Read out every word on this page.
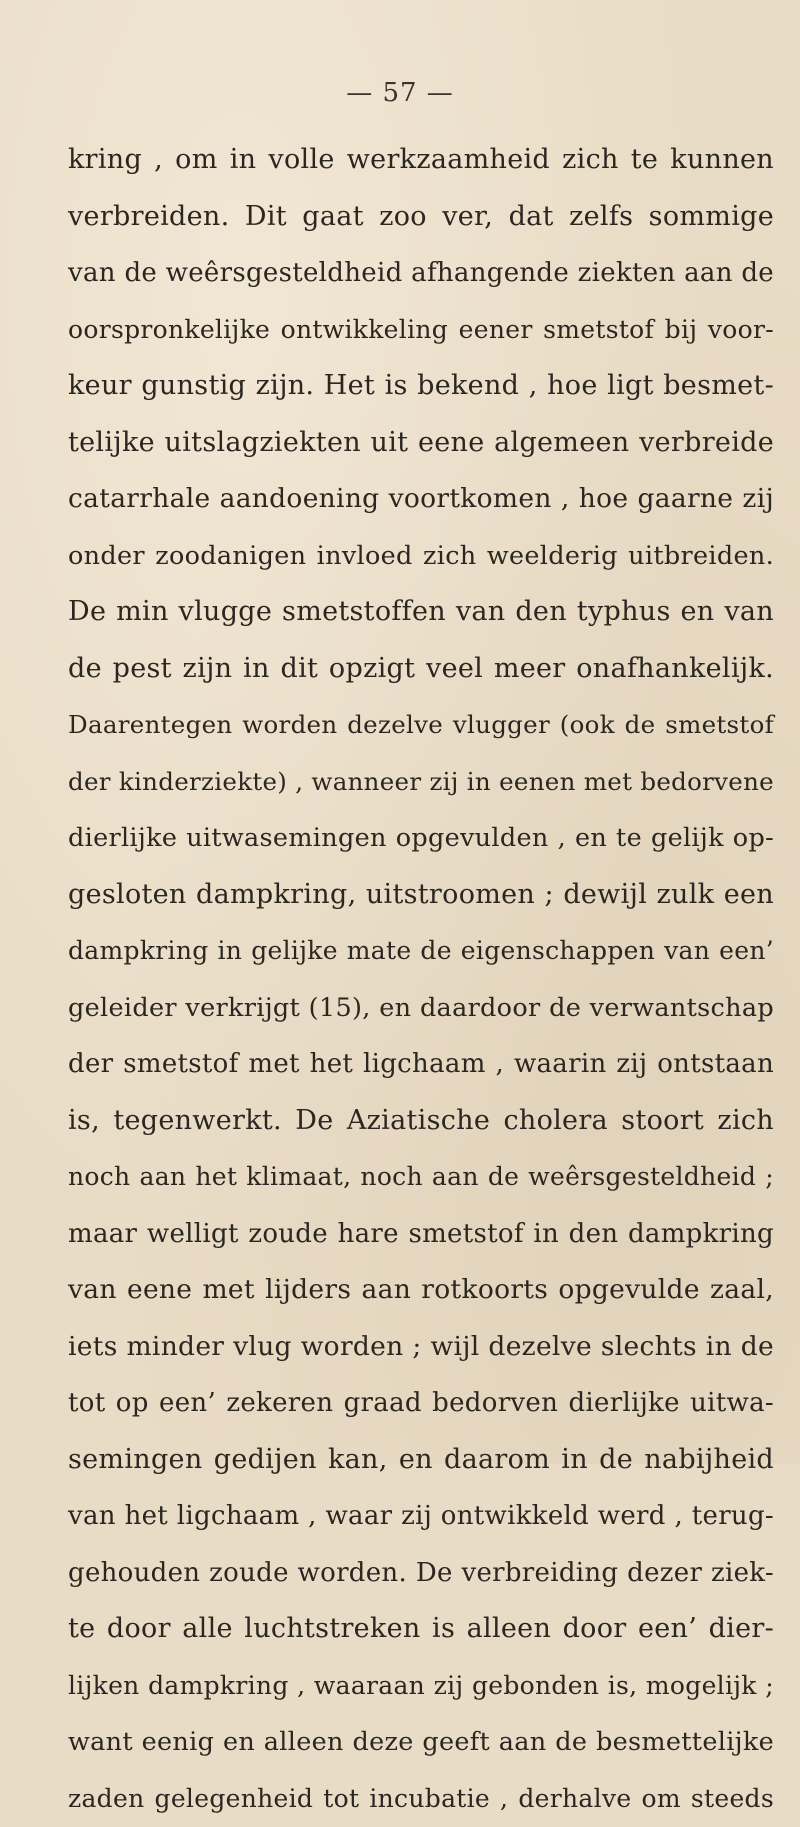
— 57 —
kring , om in volle werkzaamheid zich te kunnen
verbreiden. Dit gaat zoo ver, dat zelfs sommige
van de weêrsgesteldheid afhangende ziekten aan de
oorspronkelijke ontwikkeling eener smetstof bij voor-
keur gunstig zijn. Het is bekend , hoe ligt besmet-
telijke uitslagziekten uit eene algemeen verbreide
catarrhale aandoening voortkomen , hoe gaarne zij
onder zoodanigen invloed zich weelderig uitbreiden.
De min vlugge smetstoffen van den typhus en van
de pest zijn in dit opzigt veel meer onafhankelijk.
Daarentegen worden dezelve vlugger (ook de smetstof
der kinderziekte) , wanneer zij in eenen met bedorvene
dierlijke uitwasemingen opgevulden , en te gelijk op-
gesloten dampkring, uitstroomen ; dewijl zulk een
dampkring in gelijke mate de eigenschappen van een’
geleider verkrijgt (15), en daardoor de verwantschap
der smetstof met het ligchaam , waarin zij ontstaan
is, tegenwerkt. De Aziatische cholera stoort zich
noch aan het klimaat, noch aan de weêrsgesteldheid ;
maar welligt zoude hare smetstof in den dampkring
van eene met lijders aan rotkoorts opgevulde zaal,
iets minder vlug worden ; wijl dezelve slechts in de
tot op een’ zekeren graad bedorven dierlijke uitwa-
semingen gedijen kan, en daarom in de nabijheid
van het ligchaam , waar zij ontwikkeld werd , terug-
gehouden zoude worden. De verbreiding dezer ziek-
te door alle luchtstreken is alleen door een’ dier-
lijken dampkring , waaraan zij gebonden is, mogelijk ;
want eenig en alleen deze geeft aan de besmettelijke
zaden gelegenheid tot incubatie , derhalve om steeds
